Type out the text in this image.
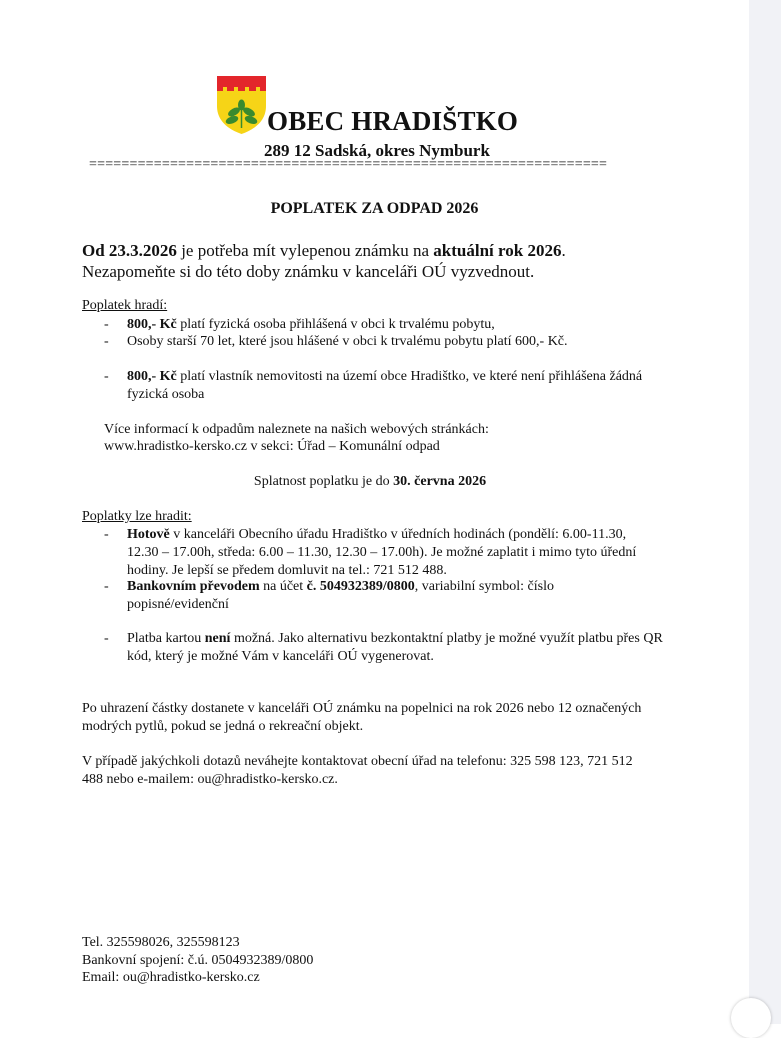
OBEC HRADIŠTKO
289 12 Sadská, okres Nymburk
================================================================
POPLATEK ZA ODPAD 2026
Od 23.3.2026 je potřeba mít vylepenou známku na aktuální rok 2026.
Nezapomeňte si do této doby známku v kanceláři OÚ vyzvednout.
Poplatek hradí:
- 800,- Kč platí fyzická osoba přihlášená v obci k trvalému pobytu,
- Osoby starší 70 let, které jsou hlášené v obci k trvalému pobytu platí 600,- Kč.
- 800,- Kč platí vlastník nemovitosti na území obce Hradištko, ve které není přihlášena žádná fyzická osoba
Více informací k odpadům naleznete na našich webových stránkách:
www.hradistko-kersko.cz v sekci: Úřad – Komunální odpad
Splatnost poplatku je do 30. června 2026
Poplatky lze hradit:
- Hotově v kanceláři Obecního úřadu Hradištko v úředních hodinách (pondělí: 6.00-11.30, 12.30 – 17.00h, středa: 6.00 – 11.30, 12.30 – 17.00h). Je možné zaplatit i mimo tyto úřední hodiny. Je lepší se předem domluvit na tel.: 721 512 488.
- Bankovním převodem na účet č. 504932389/0800, variabilní symbol: číslo popisné/evidenční
- Platba kartou není možná. Jako alternativu bezkontaktní platby je možné využít platbu přes QR kód, který je možné Vám v kanceláři OÚ vygenerovat.
Po uhrazení částky dostanete v kanceláři OÚ známku na popelnici na rok 2026 nebo 12 označených modrých pytlů, pokud se jedná o rekreační objekt.
V případě jakýchkoli dotazů neváhejte kontaktovat obecní úřad na telefonu: 325 598 123, 721 512 488 nebo e-mailem: ou@hradistko-kersko.cz.
Tel. 325598026, 325598123
Bankovní spojení: č.ú. 0504932389/0800
Email: ou@hradistko-kersko.cz
